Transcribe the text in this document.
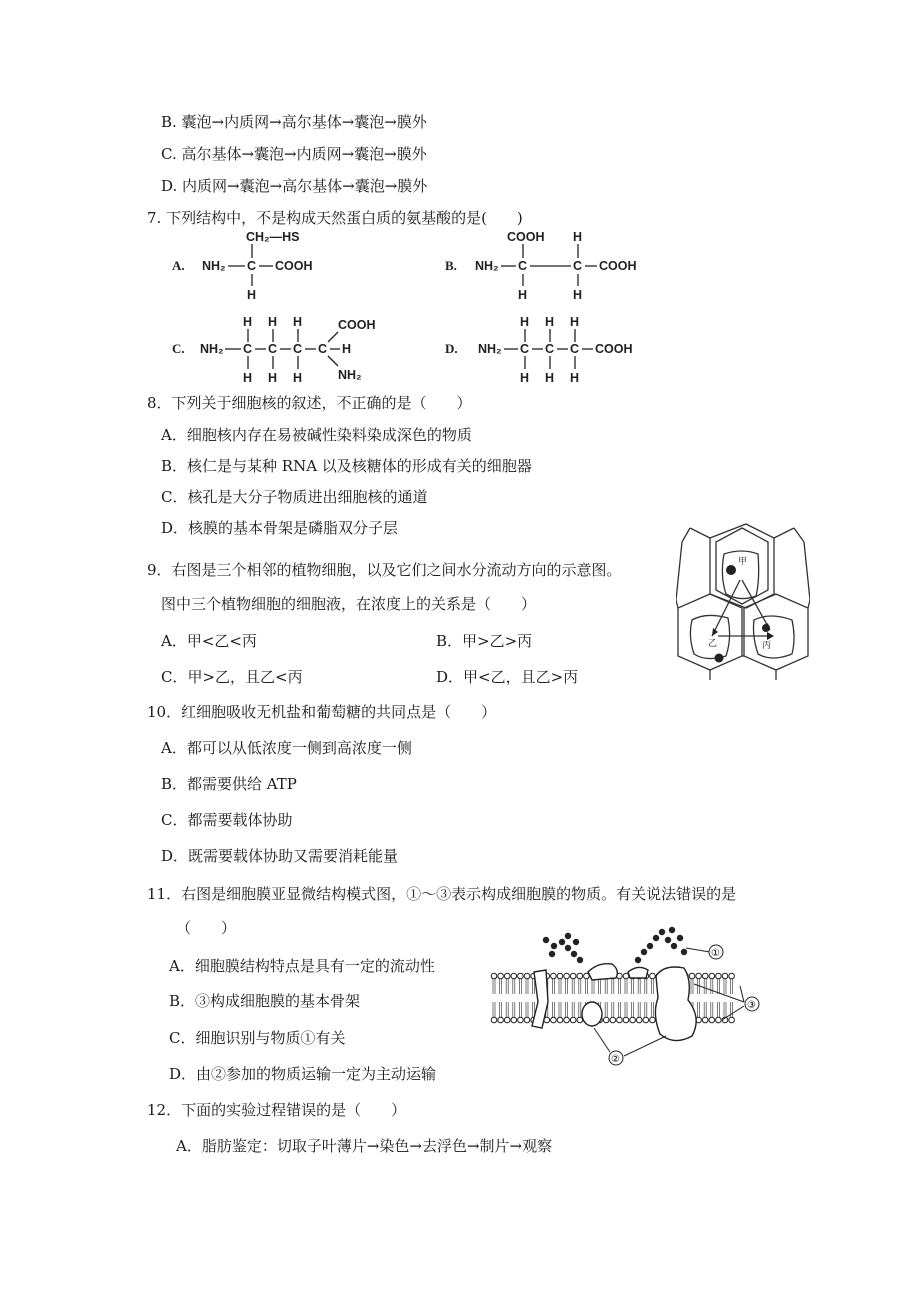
B. 囊泡→内质网→高尔基体→囊泡→膜外
C. 高尔基体→囊泡→内质网→囊泡→膜外
D. 内质网→囊泡→高尔基体→囊泡→膜外
7. 下列结构中，不是构成天然蛋白质的氨基酸的是(　　)
A.
CH₂—HS
NH₂ C COOH
H
B. NH₂
COOH H
C	C COOH
H	H
C. NH₂
H H H
C C C C H
COOH
NH₂
H H H
D. NH₂
H H H
C C C COOH
H H H
8．下列关于细胞核的叙述，不正确的是（　　）
A．细胞核内存在易被碱性染料染成深色的物质
B．核仁是与某种 RNA 以及核糖体的形成有关的细胞器
C．核孔是大分子物质进出细胞核的通道
D．核膜的基本骨架是磷脂双分子层
9．右图是三个相邻的植物细胞，以及它们之间水分流动方向的示意图。
图中三个植物细胞的细胞液，在浓度上的关系是（　　）
A．甲<乙<丙	B．甲>乙>丙
C．甲>乙，且乙<丙	D．甲<乙，且乙>丙
甲
乙	丙
10．红细胞吸收无机盐和葡萄糖的共同点是（　　）
A．都可以从低浓度一侧到高浓度一侧
B．都需要供给 ATP
C．都需要载体协助
D．既需要载体协助又需要消耗能量
11．右图是细胞膜亚显微结构模式图，①～③表示构成细胞膜的物质。有关说法错误的是
（　　）
A．细胞膜结构特点是具有一定的流动性
B．③构成细胞膜的基本骨架
C．细胞识别与物质①有关
D．由②参加的物质运输一定为主动运输
①
③
②
12．下面的实验过程错误的是（　　）
A．脂肪鉴定：切取子叶薄片→染色→去浮色→制片→观察
